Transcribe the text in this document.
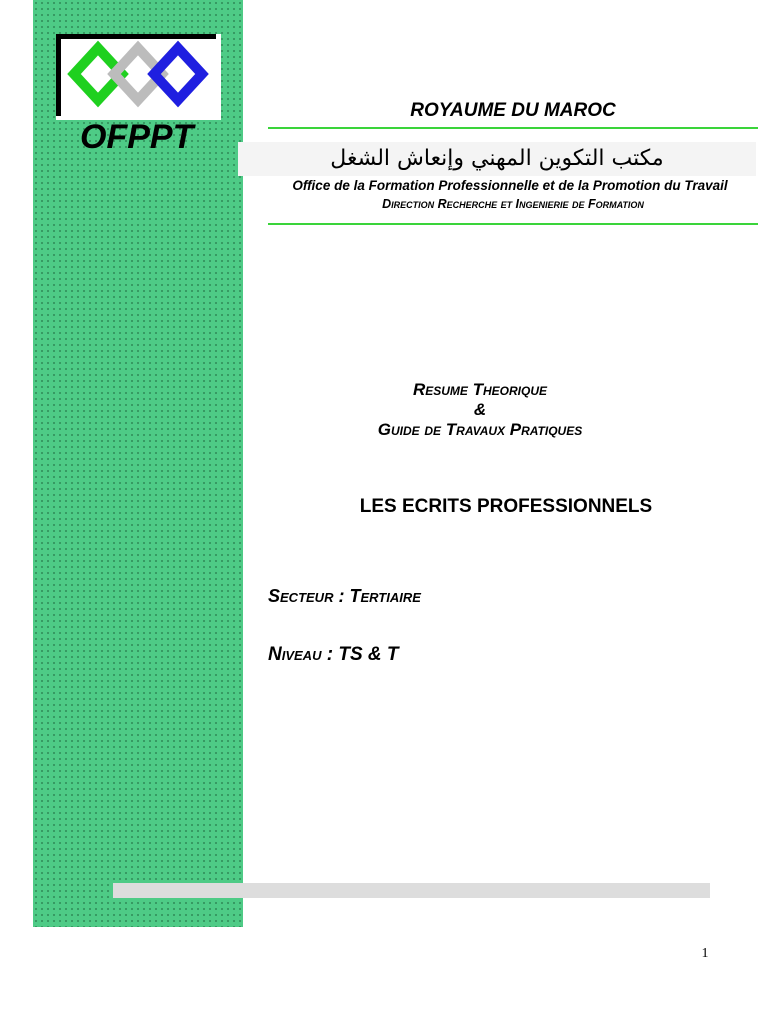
OFPPT
ROYAUME DU MAROC
مكتب التكوين المهني وإنعاش الشغل
Office de la Formation Professionnelle et de la Promotion du Travail
Direction Recherche et Ingenierie de Formation
Resume Theorique
&
Guide de Travaux Pratiques
LES ECRITS PROFESSIONNELS
Secteur : Tertiaire
Niveau : TS & T
1
